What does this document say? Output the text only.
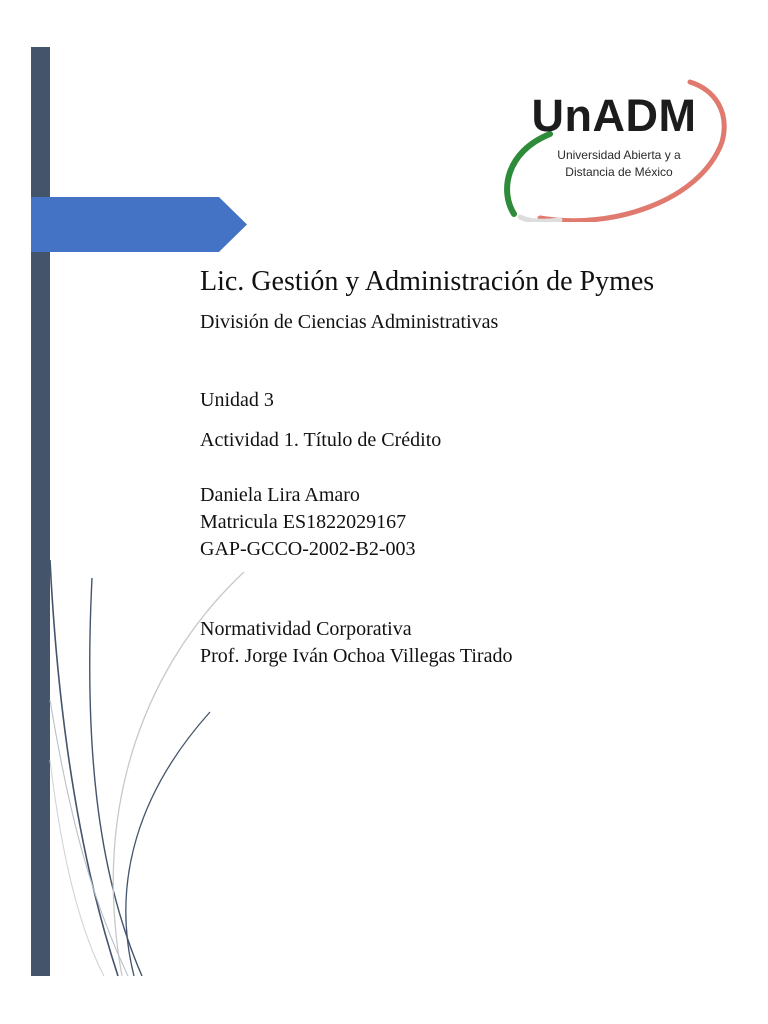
UnADM
Universidad Abierta y a
Distancia de México
Lic. Gestión y Administración de Pymes
División de Ciencias Administrativas
Unidad 3
Actividad 1. Título de Crédito
Daniela Lira Amaro
Matricula ES1822029167
GAP-GCCO-2002-B2-003
Normatividad Corporativa
Prof. Jorge Iván Ochoa Villegas Tirado
